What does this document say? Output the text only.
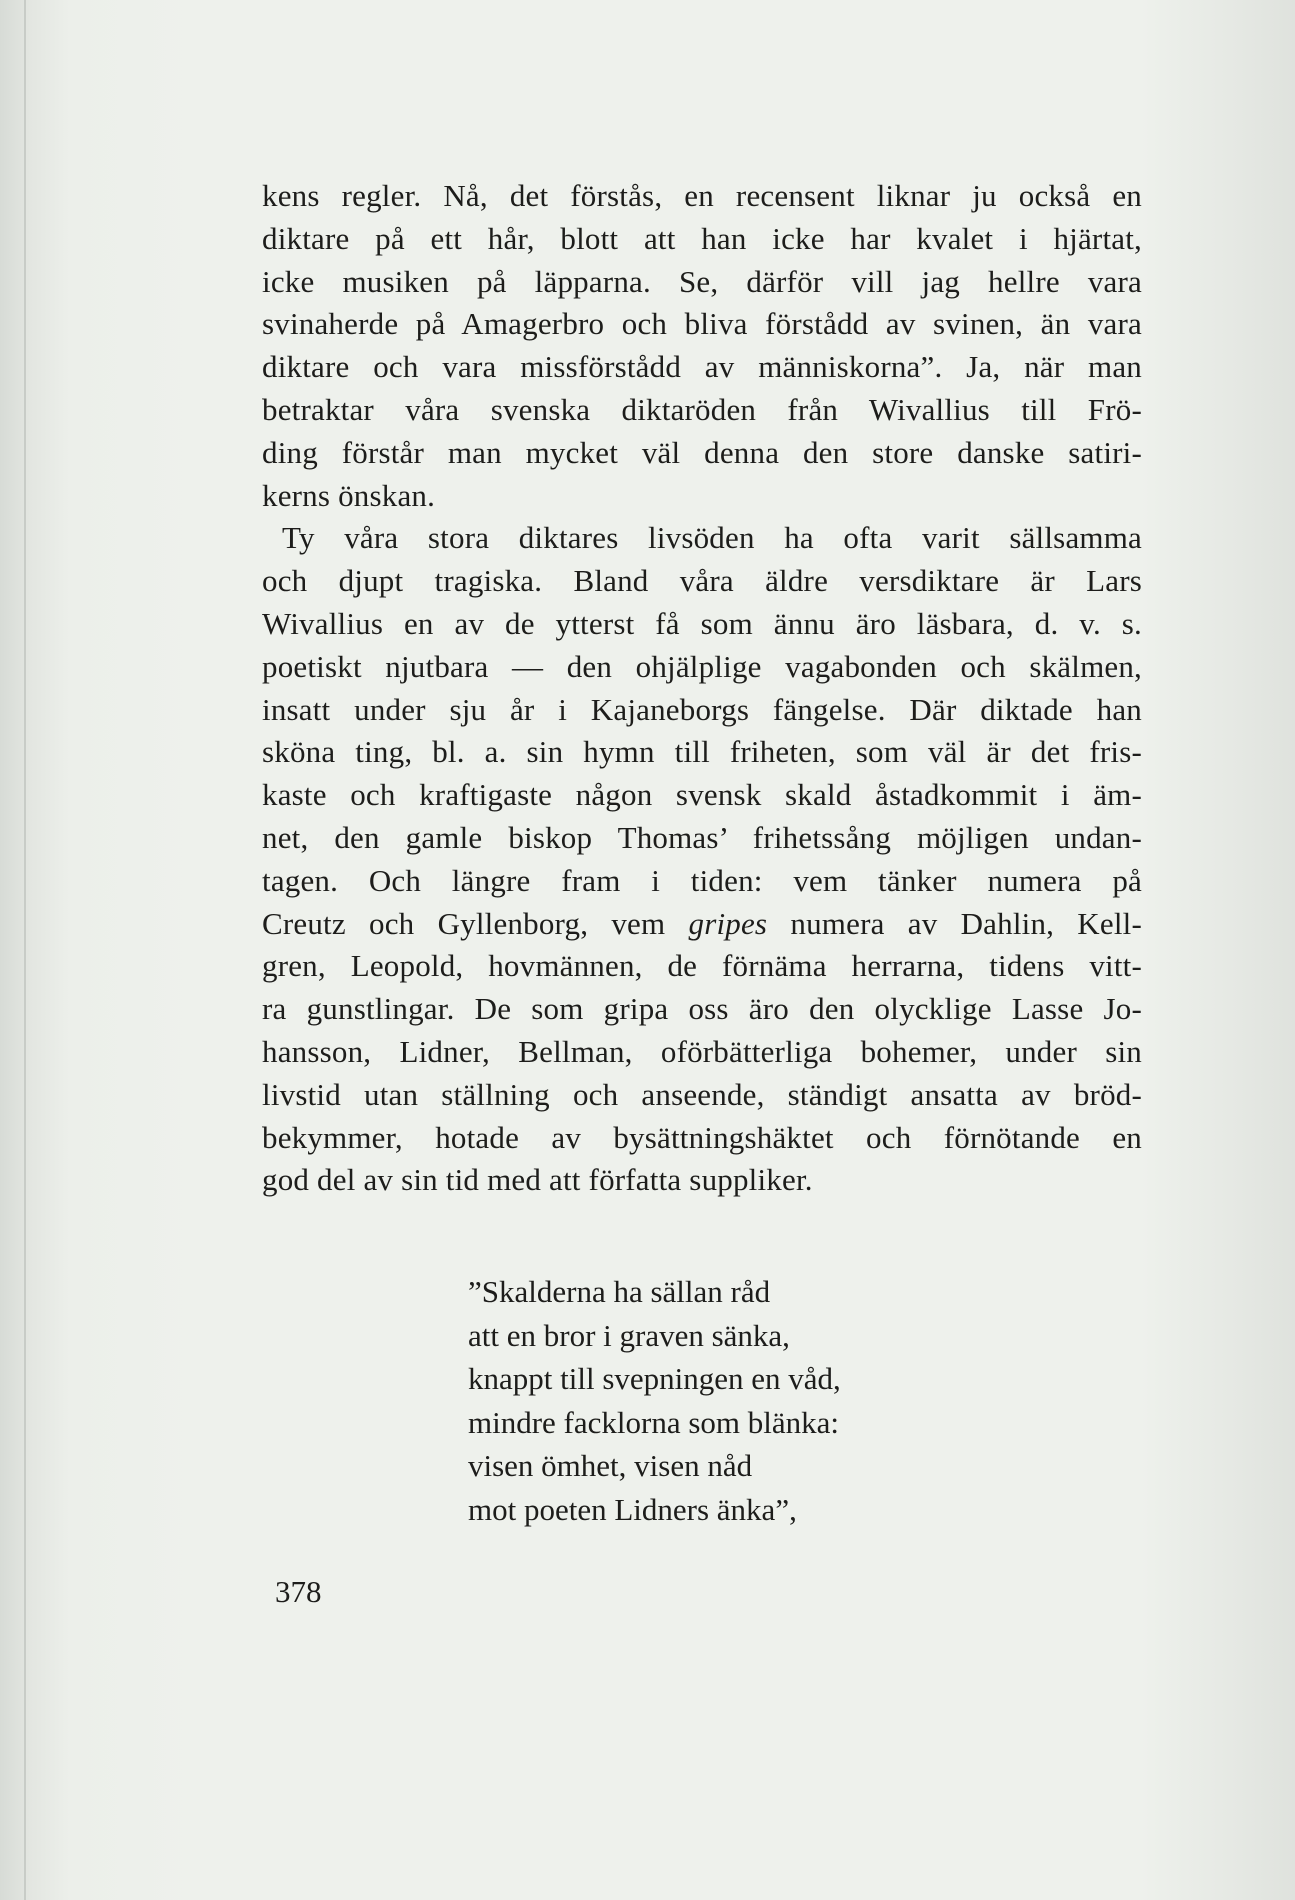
kens regler. Nå, det förstås, en recensent liknar ju också en
diktare på ett hår, blott att han icke har kvalet i hjärtat,
icke musiken på läpparna. Se, därför vill jag hellre vara
svinaherde på Amagerbro och bliva förstådd av svinen, än vara
diktare och vara missförstådd av människorna”. Ja, när man
betraktar våra svenska diktaröden från Wivallius till Frö-
ding förstår man mycket väl denna den store danske satiri-
kerns önskan.
Ty våra stora diktares livsöden ha ofta varit sällsamma
och djupt tragiska. Bland våra äldre versdiktare är Lars
Wivallius en av de ytterst få som ännu äro läsbara, d. v. s.
poetiskt njutbara — den ohjälplige vagabonden och skälmen,
insatt under sju år i Kajaneborgs fängelse. Där diktade han
sköna ting, bl. a. sin hymn till friheten, som väl är det fris-
kaste och kraftigaste någon svensk skald åstadkommit i äm-
net, den gamle biskop Thomas’ frihetssång möjligen undan-
tagen. Och längre fram i tiden: vem tänker numera på
Creutz och Gyllenborg, vem gripes numera av Dahlin, Kell-
gren, Leopold, hovmännen, de förnäma herrarna, tidens vitt-
ra gunstlingar. De som gripa oss äro den olycklige Lasse Jo-
hansson, Lidner, Bellman, oförbätterliga bohemer, under sin
livstid utan ställning och anseende, ständigt ansatta av bröd-
bekymmer, hotade av bysättningshäktet och förnötande en
god del av sin tid med att författa suppliker.
”Skalderna ha sällan råd
att en bror i graven sänka,
knappt till svepningen en våd,
mindre facklorna som blänka:
visen ömhet, visen nåd
mot poeten Lidners änka”,
378
